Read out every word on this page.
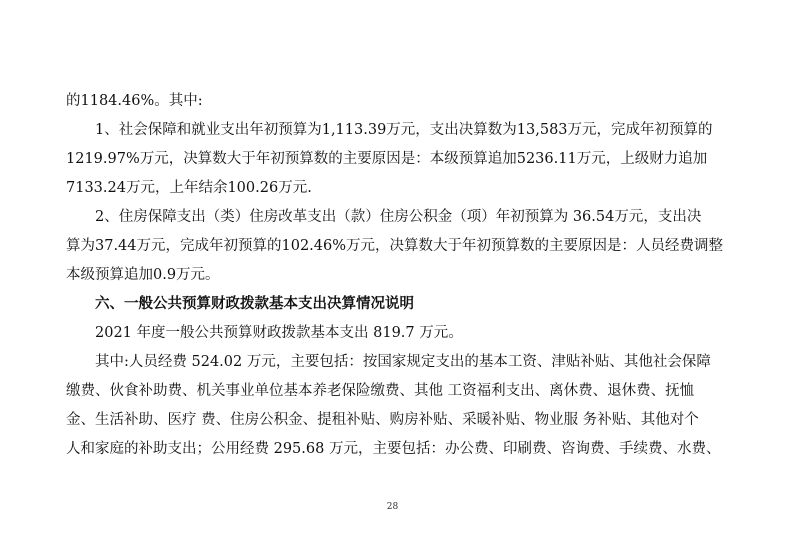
的1184.46%。其中:
1、社会保障和就业支出年初预算为1,113.39万元，支出决算数为13,583万元，完成年初预算的
1219.97%万元，决算数大于年初预算数的主要原因是：本级预算追加5236.11万元，上级财力追加
7133.24万元，上年结余100.26万元.
2、住房保障支出（类）住房改革支出（款）住房公积金（项）年初预算为 36.54万元，支出决
算为37.44万元，完成年初预算的102.46%万元，决算数大于年初预算数的主要原因是：人员经费调整
本级预算追加0.9万元。
六、一般公共预算财政拨款基本支出决算情况说明
2021 年度一般公共预算财政拨款基本支出 819.7 万元。
其中:人员经费 524.02 万元，主要包括：按国家规定支出的基本工资、津贴补贴、其他社会保障
缴费、伙食补助费、机关事业单位基本养老保险缴费、其他 工资福利支出、离休费、退休费、抚恤
金、生活补助、医疗 费、住房公积金、提租补贴、购房补贴、采暖补贴、物业服 务补贴、其他对个
人和家庭的补助支出；公用经费 295.68 万元，主要包括：办公费、印刷费、咨询费、手续费、水费、
28
